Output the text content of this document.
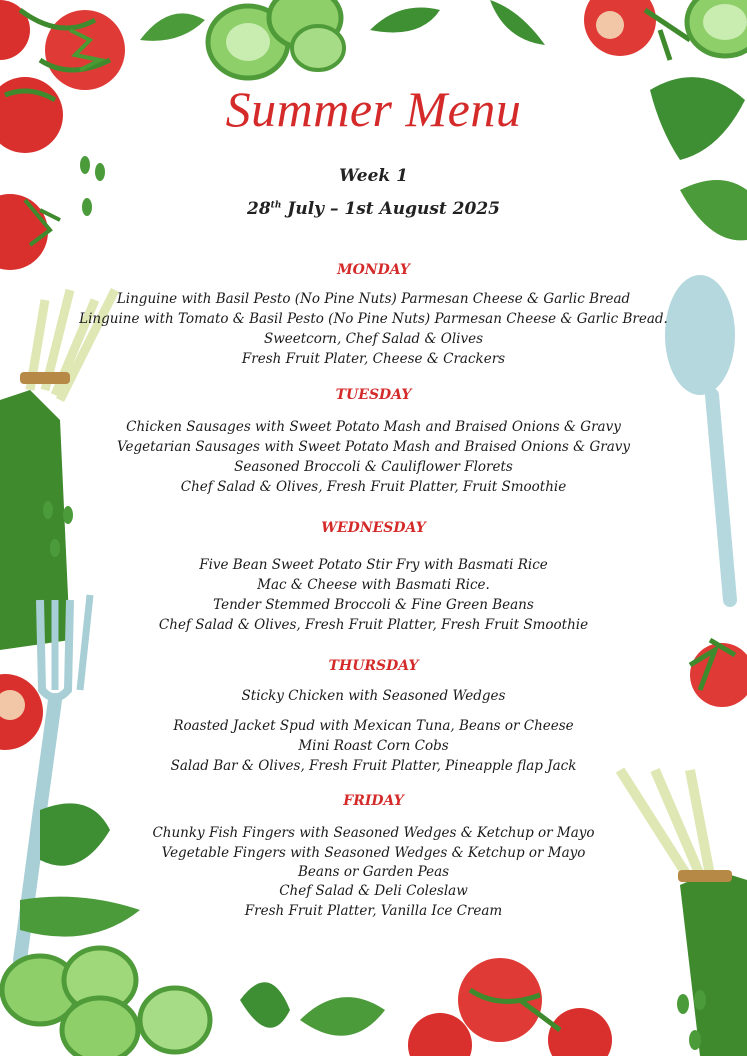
Summer Menu
Week 1
28th July – 1st August 2025
MONDAY
Linguine with Basil Pesto (No Pine Nuts) Parmesan Cheese & Garlic Bread
Linguine with Tomato & Basil Pesto (No Pine Nuts) Parmesan Cheese & Garlic Bread.
Sweetcorn, Chef Salad & Olives
Fresh Fruit Plater, Cheese & Crackers
TUESDAY
Chicken Sausages with Sweet Potato Mash and Braised Onions & Gravy
Vegetarian Sausages with Sweet Potato Mash and Braised Onions & Gravy
Seasoned Broccoli & Cauliflower Florets
Chef Salad & Olives, Fresh Fruit Platter, Fruit Smoothie
WEDNESDAY
Five Bean Sweet Potato Stir Fry with Basmati Rice
Mac & Cheese with Basmati Rice.
Tender Stemmed Broccoli & Fine Green Beans
Chef Salad & Olives, Fresh Fruit Platter, Fresh Fruit Smoothie
THURSDAY
Sticky Chicken with Seasoned Wedges
Roasted Jacket Spud with Mexican Tuna, Beans or Cheese
Mini Roast Corn Cobs
Salad Bar & Olives, Fresh Fruit Platter, Pineapple flap Jack
FRIDAY
Chunky Fish Fingers with Seasoned Wedges & Ketchup or Mayo
Vegetable Fingers with Seasoned Wedges & Ketchup or Mayo
Beans or Garden Peas
Chef Salad & Deli Coleslaw
Fresh Fruit Platter, Vanilla Ice Cream
